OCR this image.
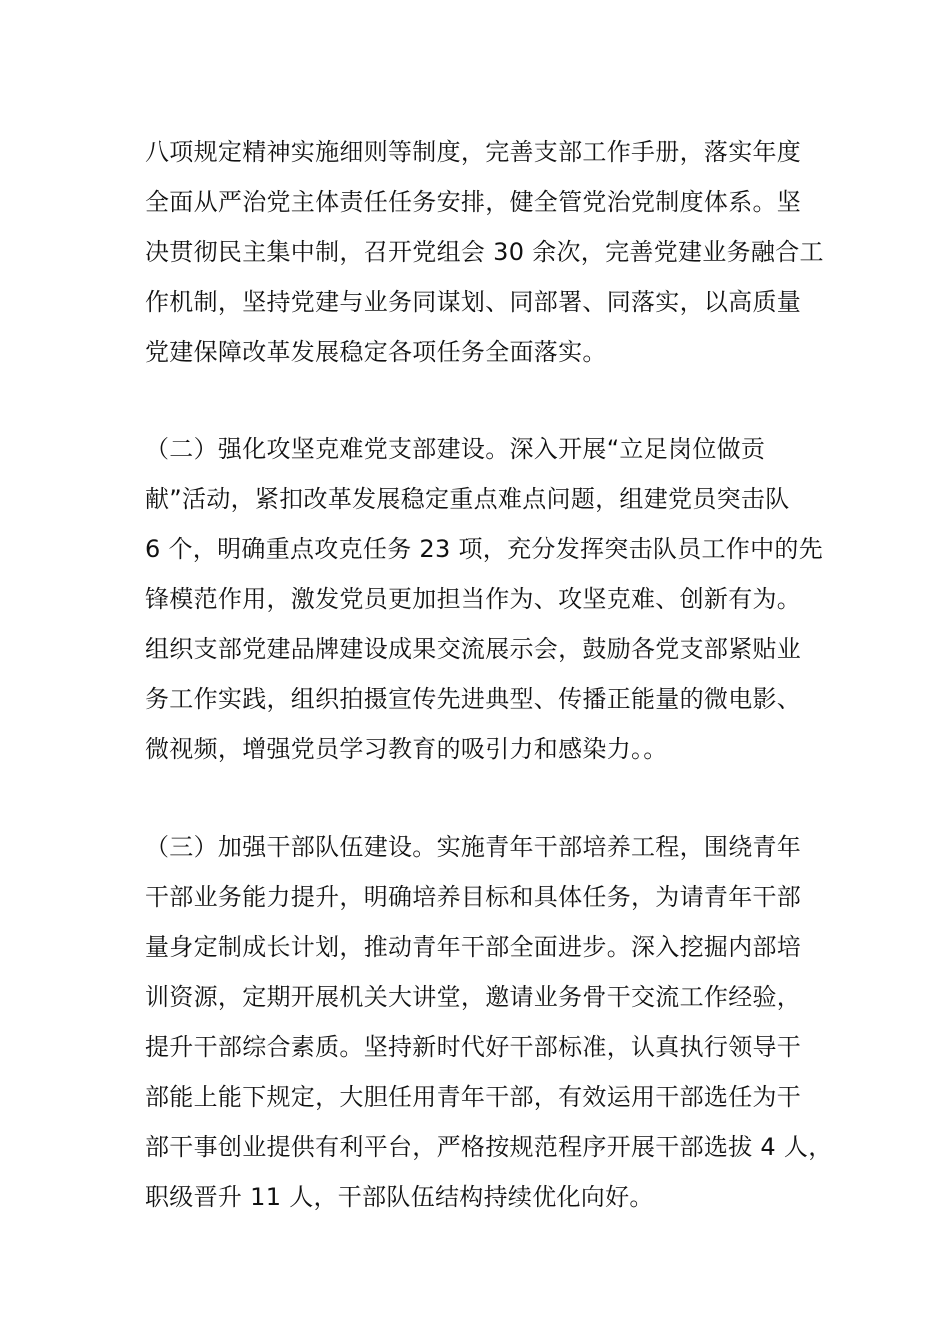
八项规定精神实施细则等制度，完善支部工作手册，落实年度
全面从严治党主体责任任务安排，健全管党治党制度体系。坚
决贯彻民主集中制，召开党组会 30 余次，完善党建业务融合工
作机制，坚持党建与业务同谋划、同部署、同落实，以高质量
党建保障改革发展稳定各项任务全面落实。
（二）强化攻坚克难党支部建设。深入开展“立足岗位做贡
献”活动，紧扣改革发展稳定重点难点问题，组建党员突击队
6 个，明确重点攻克任务 23 项，充分发挥突击队员工作中的先
锋模范作用，激发党员更加担当作为、攻坚克难、创新有为。
组织支部党建品牌建设成果交流展示会，鼓励各党支部紧贴业
务工作实践，组织拍摄宣传先进典型、传播正能量的微电影、
微视频，增强党员学习教育的吸引力和感染力。。
（三）加强干部队伍建设。实施青年干部培养工程，围绕青年
干部业务能力提升，明确培养目标和具体任务，为请青年干部
量身定制成长计划，推动青年干部全面进步。深入挖掘内部培
训资源，定期开展机关大讲堂，邀请业务骨干交流工作经验，
提升干部综合素质。坚持新时代好干部标准，认真执行领导干
部能上能下规定，大胆任用青年干部，有效运用干部选任为干
部干事创业提供有利平台，严格按规范程序开展干部选拔 4 人，
职级晋升 11 人，干部队伍结构持续优化向好。
